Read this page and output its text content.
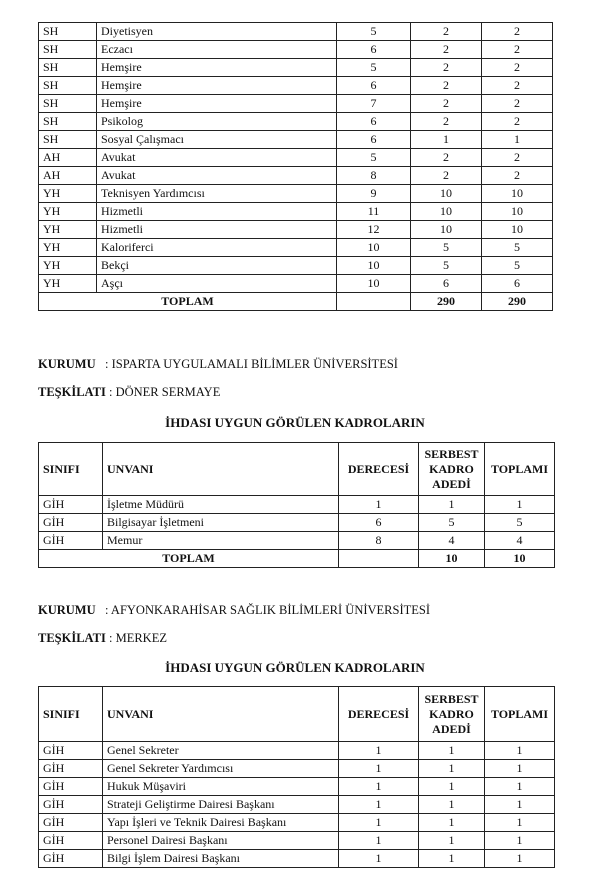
SH	Diyetisyen	5	2	2
SH	Eczacı	6	2	2
SH	Hemşire	5	2	2
SH	Hemşire	6	2	2
SH	Hemşire	7	2	2
SH	Psikolog	6	2	2
SH	Sosyal Çalışmacı	6	1	1
AH	Avukat	5	2	2
AH	Avukat	8	2	2
YH	Teknisyen Yardımcısı	9	10	10
YH	Hizmetli	11	10	10
YH	Hizmetli	12	10	10
YH	Kaloriferci	10	5	5
YH	Bekçi	10	5	5
YH	Aşçı	10	6	6
TOPLAM			290	290
KURUMU : ISPARTA UYGULAMALI BİLİMLER ÜNİVERSİTESİ
TEŞKİLATI : DÖNER SERMAYE
İHDASI UYGUN GÖRÜLEN KADROLARIN
SINIFI	UNVANI	DERECESİ	SERBEST KADRO ADEDİ	TOPLAMI
GİH	İşletme Müdürü	1	1	1
GİH	Bilgisayar İşletmeni	6	5	5
GİH	Memur	8	4	4
TOPLAM			10	10
KURUMU : AFYONKARAHİSAR SAĞLIK BİLİMLERİ ÜNİVERSİTESİ
TEŞKİLATI : MERKEZ
İHDASI UYGUN GÖRÜLEN KADROLARIN
SINIFI	UNVANI	DERECESİ	SERBEST KADRO ADEDİ	TOPLAMI
GİH	Genel Sekreter	1	1	1
GİH	Genel Sekreter Yardımcısı	1	1	1
GİH	Hukuk Müşaviri	1	1	1
GİH	Strateji Geliştirme Dairesi Başkanı	1	1	1
GİH	Yapı İşleri ve Teknik Dairesi Başkanı	1	1	1
GİH	Personel Dairesi Başkanı	1	1	1
GİH	Bilgi İşlem Dairesi Başkanı	1	1	1
